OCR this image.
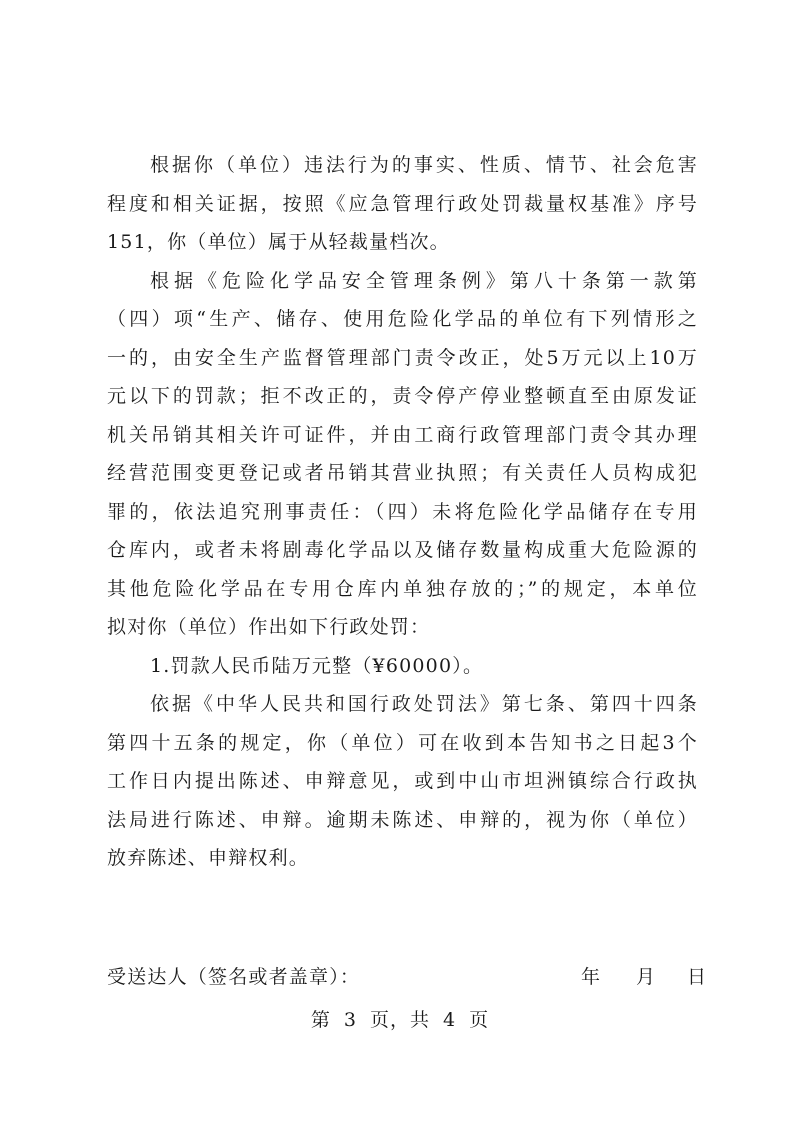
根据你（单位）违法行为的事实、性质、情节、社会危害
程度和相关证据，按照《应急管理行政处罚裁量权基准》序号
151，你（单位）属于从轻裁量档次。

根据《危险化学品安全管理条例》第八十条第一款第
（四）项“生产、储存、使用危险化学品的单位有下列情形之
一的，由安全生产监督管理部门责令改正，处5万元以上10万
元以下的罚款；拒不改正的，责令停产停业整顿直至由原发证
机关吊销其相关许可证件，并由工商行政管理部门责令其办理
经营范围变更登记或者吊销其营业执照；有关责任人员构成犯
罪的，依法追究刑事责任：（四）未将危险化学品储存在专用
仓库内，或者未将剧毒化学品以及储存数量构成重大危险源的
其他危险化学品在专用仓库内单独存放的；”的规定，本单位
拟对你（单位）作出如下行政处罚：

1.罚款人民币陆万元整（¥60000）。

依据《中华人民共和国行政处罚法》第七条、第四十四条
第四十五条的规定，你（单位）可在收到本告知书之日起3个
工作日内提出陈述、申辩意见，或到中山市坦洲镇综合行政执
法局进行陈述、申辩。逾期未陈述、申辩的，视为你（单位）
放弃陈述、申辩权利。

受送达人（签名或者盖章）：	年 月 日
第 3 页，共 4 页
